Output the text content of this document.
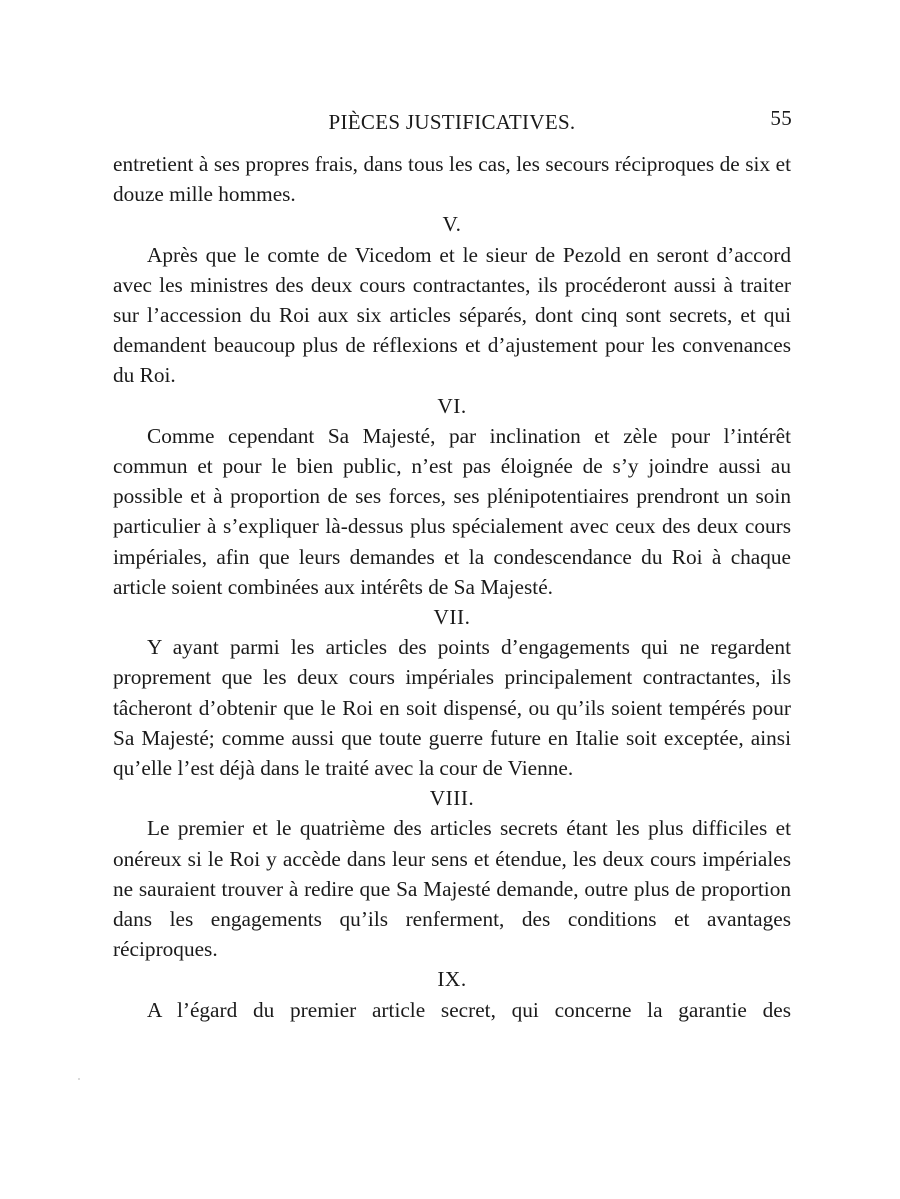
PIÈCES JUSTIFICATIVES.	55

entretient à ses propres frais, dans tous les cas, les secours réciproques de six et douze mille hommes.

V.

Après que le comte de Vicedom et le sieur de Pezold en seront d’accord avec les ministres des deux cours contractantes, ils procéderont aussi à traiter sur l’accession du Roi aux six articles séparés, dont cinq sont secrets, et qui demandent beaucoup plus de réflexions et d’ajustement pour les convenances du Roi.

VI.

Comme cependant Sa Majesté, par inclination et zèle pour l’intérêt commun et pour le bien public, n’est pas éloignée de s’y joindre aussi au possible et à proportion de ses forces, ses plénipotentiaires prendront un soin particulier à s’expliquer là-dessus plus spécialement avec ceux des deux cours impériales, afin que leurs demandes et la condescendance du Roi à chaque article soient combinées aux intérêts de Sa Majesté.

VII.

Y ayant parmi les articles des points d’engagements qui ne regardent proprement que les deux cours impériales principalement contractantes, ils tâcheront d’obtenir que le Roi en soit dispensé, ou qu’ils soient tempérés pour Sa Majesté; comme aussi que toute guerre future en Italie soit exceptée, ainsi qu’elle l’est déjà dans le traité avec la cour de Vienne.

VIII.

Le premier et le quatrième des articles secrets étant les plus difficiles et onéreux si le Roi y accède dans leur sens et étendue, les deux cours impériales ne sauraient trouver à redire que Sa Majesté demande, outre plus de proportion dans les engagements qu’ils renferment, des conditions et avantages réciproques.

IX.

A l’égard du premier article secret, qui concerne la garantie des
